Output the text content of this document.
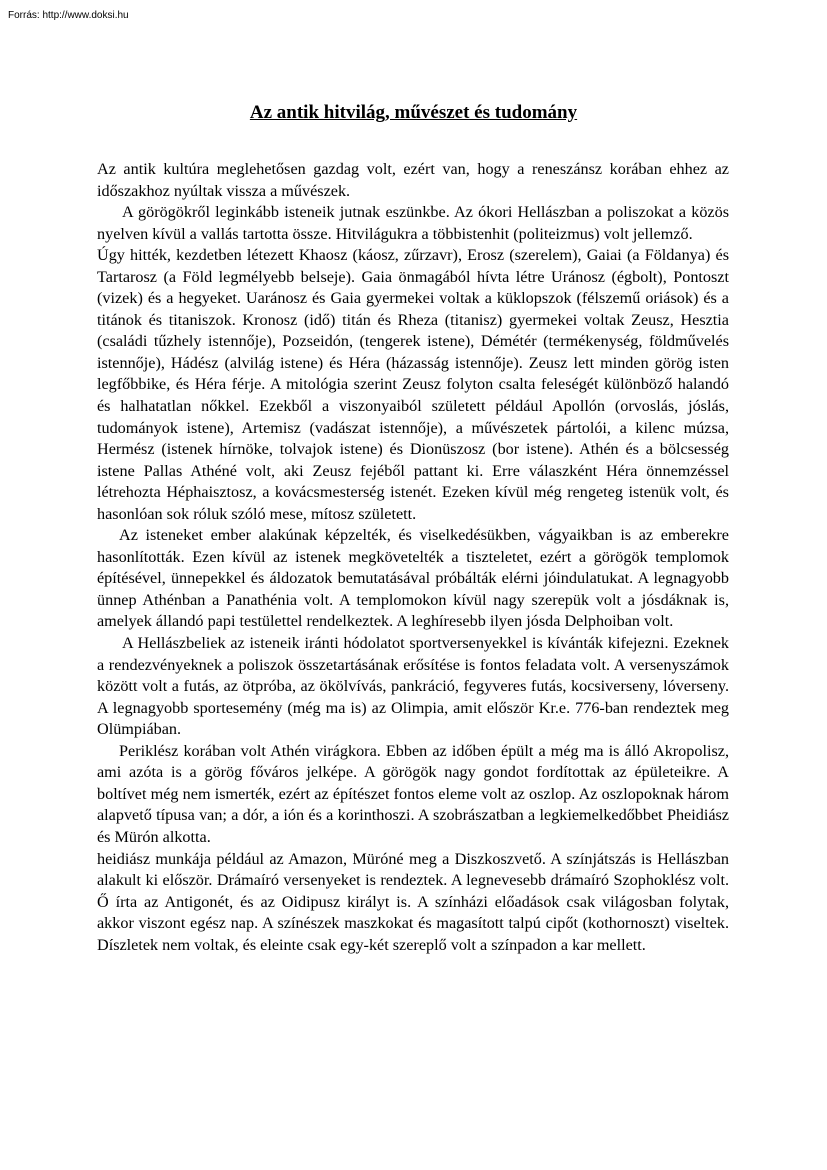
Forrás: http://www.doksi.hu
Az antik hitvilág, művészet és tudomány

Az antik kultúra meglehetősen gazdag volt, ezért van, hogy a reneszánsz korában ehhez az időszakhoz nyúltak vissza a művészek.

A görögökről leginkább isteneik jutnak eszünkbe. Az ókori Hellászban a poliszokat a közös nyelven kívül a vallás tartotta össze. Hitvilágukra a többistenhit (politeizmus) volt jellemző.

Úgy hitték, kezdetben létezett Khaosz (káosz, zűrzavr), Erosz (szerelem), Gaiai (a Földanya) és Tartarosz (a Föld legmélyebb belseje). Gaia önmagából hívta létre Uránosz (égbolt), Pontoszt (vizek) és a hegyeket. Uaránosz és Gaia gyermekei voltak a küklopszok (félszemű oriások) és a titánok és titaniszok. Kronosz (idő) titán és Rheza (titanisz) gyermekei voltak Zeusz, Hesztia (családi tűzhely istennője), Pozseidón, (tengerek istene), Démétér (termékenység, földművelés istennője), Hádész (alvilág istene) és Héra (házasság istennője). Zeusz lett minden görög isten legfőbbike, és Héra férje. A mitológia szerint Zeusz folyton csalta feleségét különböző halandó és halhatatlan nőkkel. Ezekből a viszonyaiból született például Apollón (orvoslás, jóslás, tudományok istene), Artemisz (vadászat istennője), a művészetek pártolói, a kilenc múzsa, Hermész (istenek hírnöke, tolvajok istene) és Dionüszosz (bor istene). Athén és a bölcsesség istene Pallas Athéné volt, aki Zeusz fejéből pattant ki. Erre válaszként Héra önnemzéssel létrehozta Héphaisztosz, a kovácsmesterség istenét. Ezeken kívül még rengeteg istenük volt, és hasonlóan sok róluk szóló mese, mítosz született.

Az isteneket ember alakúnak képzelték, és viselkedésükben, vágyaikban is az emberekre hasonlították. Ezen kívül az istenek megkövetelték a tiszteletet, ezért a görögök templomok építésével, ünnepekkel és áldozatok bemutatásával próbálták elérni jóindulatukat. A legnagyobb ünnep Athénban a Panathénia volt. A templomokon kívül nagy szerepük volt a jósdáknak is, amelyek állandó papi testülettel rendelkeztek. A leghíresebb ilyen jósda Delphoiban volt.

A Hellászbeliek az isteneik iránti hódolatot sportversenyekkel is kívánták kifejezni. Ezeknek a rendezvényeknek a poliszok összetartásának erősítése is fontos feladata volt. A versenyszámok között volt a futás, az ötpróba, az ökölvívás, pankráció, fegyveres futás, kocsiverseny, lóverseny. A legnagyobb sportesemény (még ma is) az Olimpia, amit először Kr.e. 776-ban rendeztek meg Olümpiában.

Periklész korában volt Athén virágkora. Ebben az időben épült a még ma is álló Akropolisz, ami azóta is a görög főváros jelképe. A görögök nagy gondot fordítottak az épületeikre. A boltívet még nem ismerték, ezért az építészet fontos eleme volt az oszlop. Az oszlopoknak három alapvető típusa van; a dór, a ión és a korinthoszi. A szobrászatban a legkiemelkedőbbet Pheidiász és Mürón alkotta.

heidiász munkája például az Amazon, Müróné meg a Diszkoszvető. A színjátszás is Hellászban alakult ki először. Drámaíró versenyeket is rendeztek. A legnevesebb drámaíró Szophoklész volt. Ő írta az Antigonét, és az Oidipusz királyt is. A színházi előadások csak világosban folytak, akkor viszont egész nap. A színészek maszkokat és magasított talpú cipőt (kothornoszt) viseltek. Díszletek nem voltak, és eleinte csak egy-két szereplő volt a színpadon a kar mellett.
